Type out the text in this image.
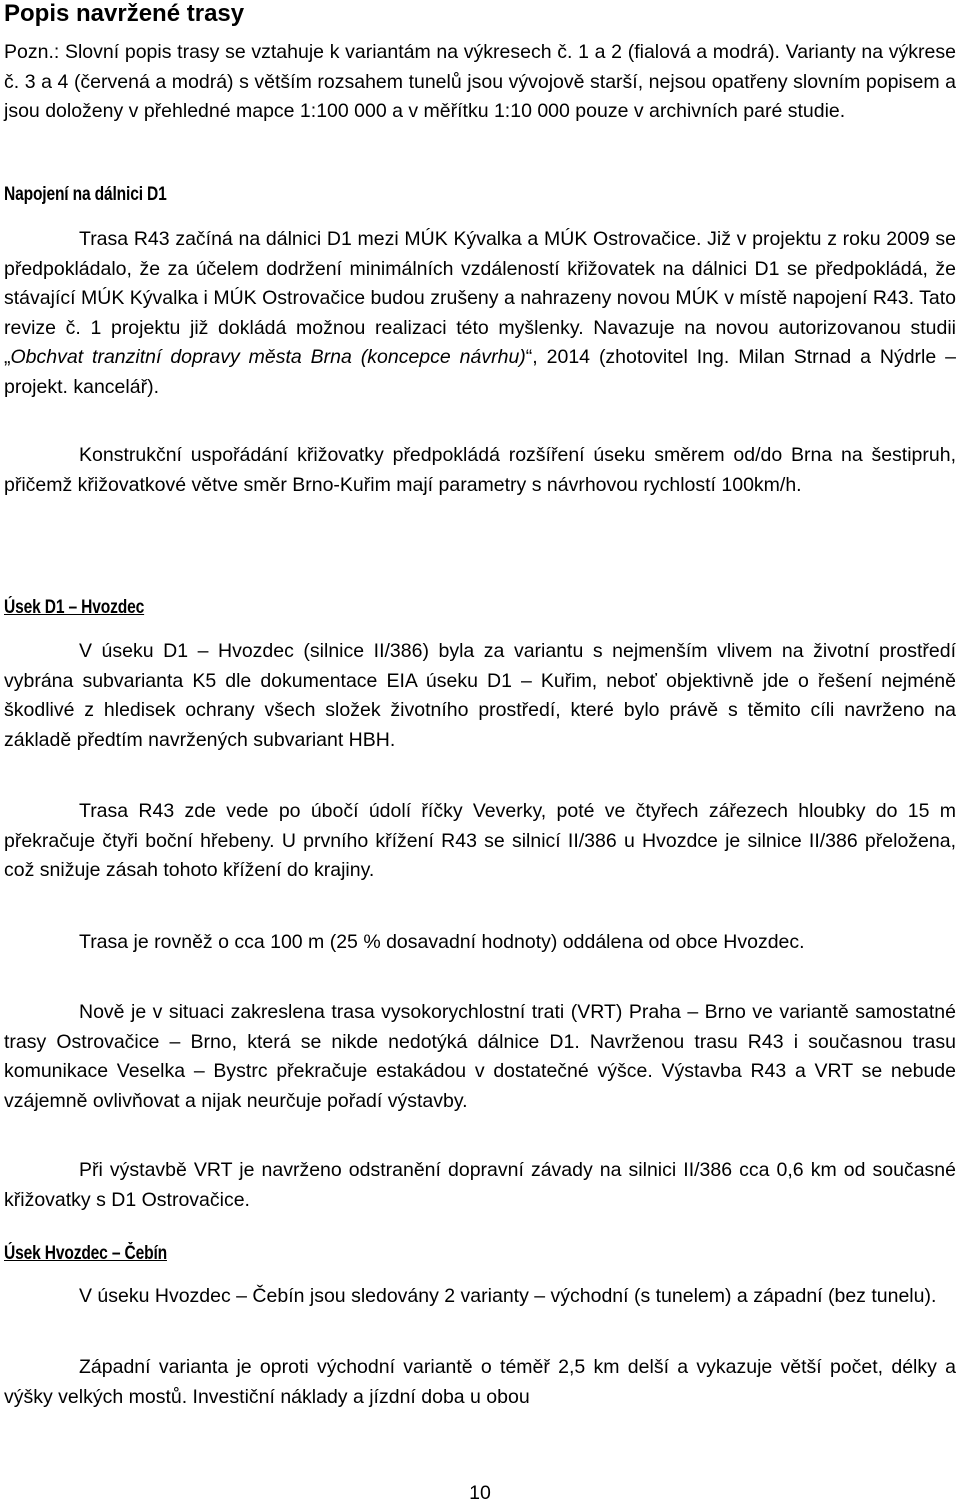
Popis navržené trasy

Pozn.: Slovní popis trasy se vztahuje k variantám na výkresech č. 1 a 2 (fialová a modrá). Varianty na výkrese č. 3 a 4 (červená a modrá) s větším rozsahem tunelů jsou vývojově starší, nejsou opatřeny slovním popisem a jsou doloženy v přehledné mapce 1:100 000 a v měřítku 1:10 000 pouze v archivních paré studie.

Napojení na dálnici D1

Trasa R43 začíná na dálnici D1 mezi MÚK Kývalka a MÚK Ostrovačice. Již v projektu z roku 2009 se předpokládalo, že za účelem dodržení minimálních vzdáleností křižovatek na dálnici D1 se předpokládá, že stávající MÚK Kývalka i MÚK Ostrovačice budou zrušeny a nahrazeny novou MÚK v místě napojení R43. Tato revize č. 1 projektu již dokládá možnou realizaci této myšlenky. Navazuje na novou autorizovanou studii „Obchvat tranzitní dopravy města Brna (koncepce návrhu)“, 2014 (zhotovitel Ing. Milan Strnad a Nýdrle – projekt. kancelář).

Konstrukční uspořádání křižovatky předpokládá rozšíření úseku směrem od/do Brna na šestipruh, přičemž křižovatkové větve směr Brno-Kuřim mají parametry s návrhovou rychlostí 100km/h.

Úsek D1 – Hvozdec

V úseku D1 – Hvozdec (silnice II/386) byla za variantu s nejmenším vlivem na životní prostředí vybrána subvarianta K5 dle dokumentace EIA úseku D1 – Kuřim, neboť objektivně jde o řešení nejméně škodlivé z hledisek ochrany všech složek životního prostředí, které bylo právě s těmito cíli navrženo na základě předtím navržených subvariant HBH.

Trasa R43 zde vede po úbočí údolí říčky Veverky, poté ve čtyřech zářezech hloubky do 15 m překračuje čtyři boční hřebeny. U prvního křížení R43 se silnicí II/386 u Hvozdce je silnice II/386 přeložena, což snižuje zásah tohoto křížení do krajiny.

Trasa je rovněž o cca 100 m (25 % dosavadní hodnoty) oddálena od obce Hvozdec.

Nově je v situaci zakreslena trasa vysokorychlostní trati (VRT) Praha – Brno ve variantě samostatné trasy Ostrovačice – Brno, která se nikde nedotýká dálnice D1. Navrženou trasu R43 i současnou trasu komunikace Veselka – Bystrc překračuje estakádou v dostatečné výšce. Výstavba R43 a VRT se nebude vzájemně ovlivňovat a nijak neurčuje pořadí výstavby.

Při výstavbě VRT je navrženo odstranění dopravní závady na silnici II/386 cca 0,6 km od současné křižovatky s D1 Ostrovačice.

Úsek Hvozdec – Čebín

V úseku Hvozdec – Čebín jsou sledovány 2 varianty – východní (s tunelem) a západní (bez tunelu).

Západní varianta je oproti východní variantě o téměř 2,5 km delší a vykazuje větší počet, délky a výšky velkých mostů. Investiční náklady a jízdní doba u obou

10
